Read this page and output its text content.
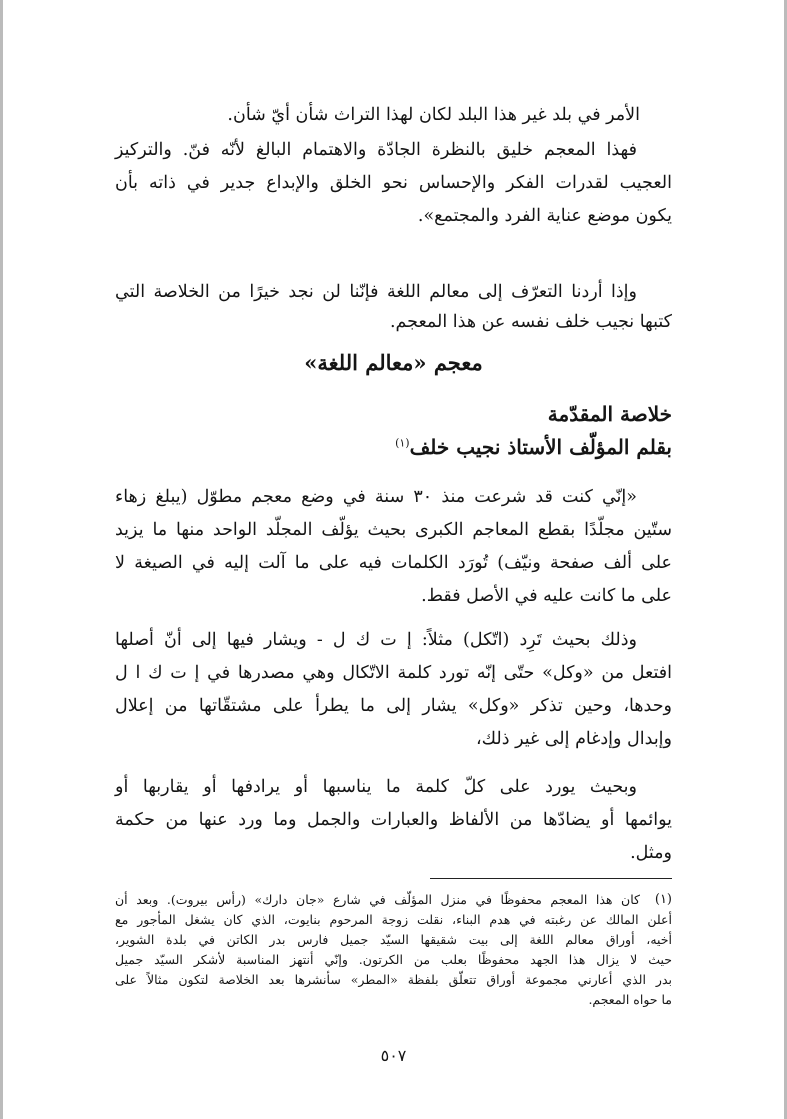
الأمر في بلد غير هذا البلد لكان لهذا التراث شأن أيّ شأن.
فهذا المعجم خليق بالنظرة الجادّة والاهتمام البالغ لأنّه فنّ. والتركيز
العجيب لقدرات الفكر والإحساس نحو الخلق والإبداع جدير في ذاته بأن
يكون موضع عناية الفرد والمجتمع».
وإذا أردنا التعرّف إلى معالم اللغة فإنّنا لن نجد خيرًا من الخلاصة التي
كتبها نجيب خلف نفسه عن هذا المعجم.
معجم «معالم اللغة»
خلاصة المقدّمة
بقلم المؤلّف الأستاذ نجيب خلف$^{(١)}$
«إنّي كنت قد شرعت منذ ٣٠ سنة في وضع معجم مطوّل (يبلغ زهاء
ستّين مجلّدًا بقطع المعاجم الكبرى بحيث يؤلّف المجلّد الواحد منها ما يزيد
على ألف صفحة ونيّف) تُورَد الكلمات فيه على ما آلت إليه في الصيغة لا
على ما كانت عليه في الأصل فقط.
وذلك بحيث تَرِد (اتّكل) مثلاً: إ ت ك ل - ويشار فيها إلى أنّ أصلها
افتعل من «وكل» حتّى إنّه تورد كلمة الاتّكال وهي مصدرها في إ ت ك ا ل
وحدها، وحين تذكر «وكل» يشار إلى ما يطرأ على مشتقّاتها من إعلال
وإبدال وإدغام إلى غير ذلك،
وبحيث يورد على كلّ كلمة ما يناسبها أو يرادفها أو يقاربها أو
يوائمها أو يضادّها من الألفاظ والعبارات والجمل وما ورد عنها من حكمة
ومثل.
(١)
كان هذا المعجم محفوظًا في منزل المؤلّف في شارع «جان دارك» (رأس بيروت). وبعد أن
أعلن المالك عن رغبته في هدم البناء، نقلت زوجة المرحوم بنايوت، الذي كان يشغل المأجور مع
أخيه، أوراق معالم اللغة إلى بيت شقيقها السيّد جميل فارس بدر الكاتن في بلدة الشوير،
حيث لا يزال هذا الجهد محفوظًا بعلب من الكرتون. وإنّي أنتهز المناسبة لأشكر السيّد جميل
بدر الذي أعارني مجموعة أوراق تتعلّق بلفظة «المطر» سأنشرها بعد الخلاصة لتكون مثالاً على
ما حواه المعجم.
٥٠٧
